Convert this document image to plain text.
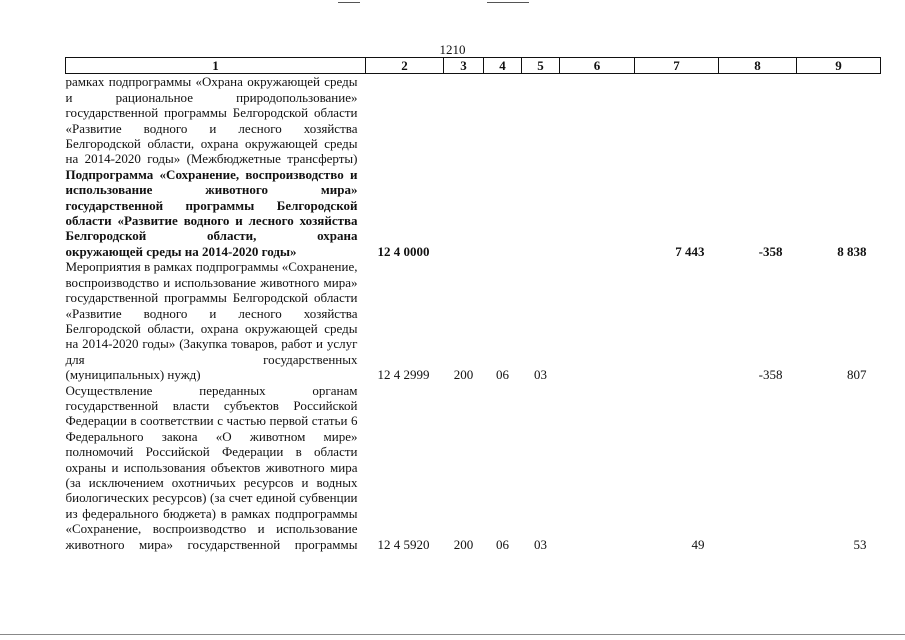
1210
1	2	3	4	5	6	7	8	9

рамках подпрограммы «Охрана окружающей среды и рациональное природопользование» государственной программы Белгородской области «Развитие водного и лесного хозяйства Белгородской области, охрана окружающей среды на 2014-2020 годы» (Межбюджетные трансферты)								

Подпрограмма «Сохранение, воспроизводство и использование животного мира» государственной программы Белгородской области «Развитие водного и лесного хозяйства Белгородской области, охрана
окружающей среды на 2014-2020 годы»	12 4 0000					7 443	-358	8 838

Мероприятия в рамках подпрограммы «Сохранение, воспроизводство и использование животного мира» государственной программы Белгородской области «Развитие водного и лесного хозяйства Белгородской области, охрана окружающей среды на 2014-2020 годы» (Закупка товаров, работ и услуг для государственных
(муниципальных) нужд)	12 4 2999	200	06	03			-358	807

Осуществление переданных органам государственной власти субъектов Российской Федерации в соответствии с частью первой статьи 6 Федерального закона «О животном мире» полномочий Российской Федерации в области охраны и использования объектов животного мира (за исключением охотничьих ресурсов и водных биологических ресурсов) (за счет единой субвенции из федерального бюджета) в рамках подпрограммы «Сохранение, воспроизводство и использование животного мира» государственной программы	12 4 5920	200	06	03		49		53
